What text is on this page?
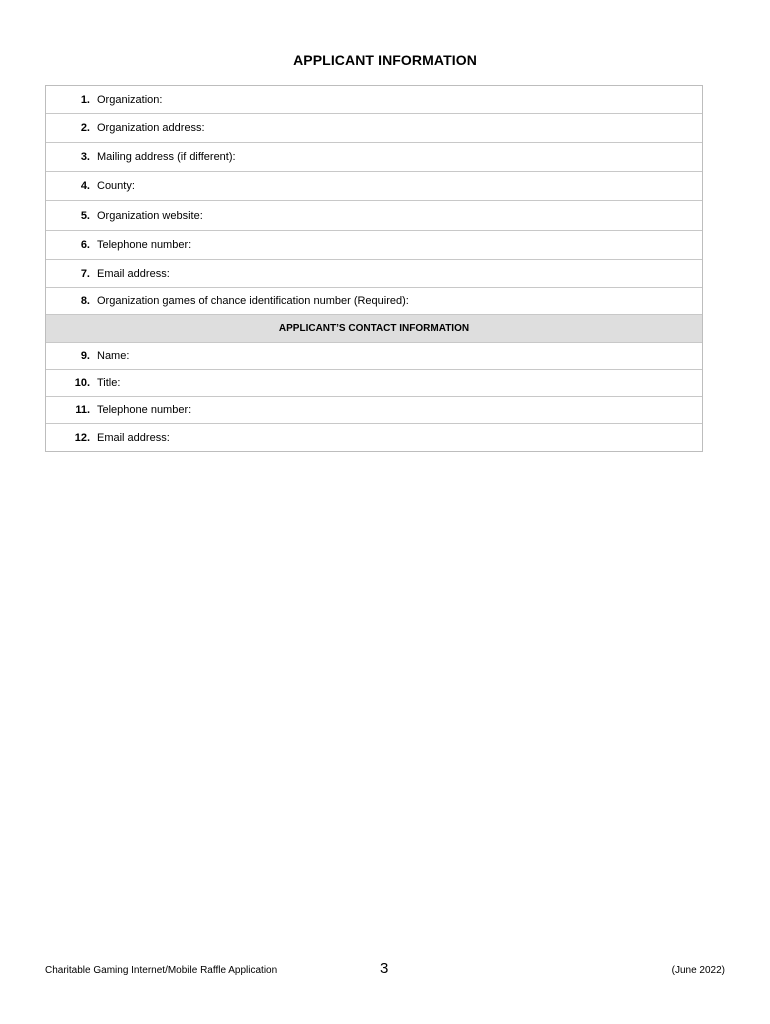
APPLICANT INFORMATION
1. Organization:
2. Organization address:
3. Mailing address (if different):
4. County:
5. Organization website:
6. Telephone number:
7. Email address:
8. Organization games of chance identification number (Required):
APPLICANT’S CONTACT INFORMATION
9. Name:
10. Title:
11. Telephone number:
12. Email address:
Charitable Gaming Internet/Mobile Raffle Application	3	(June 2022)
